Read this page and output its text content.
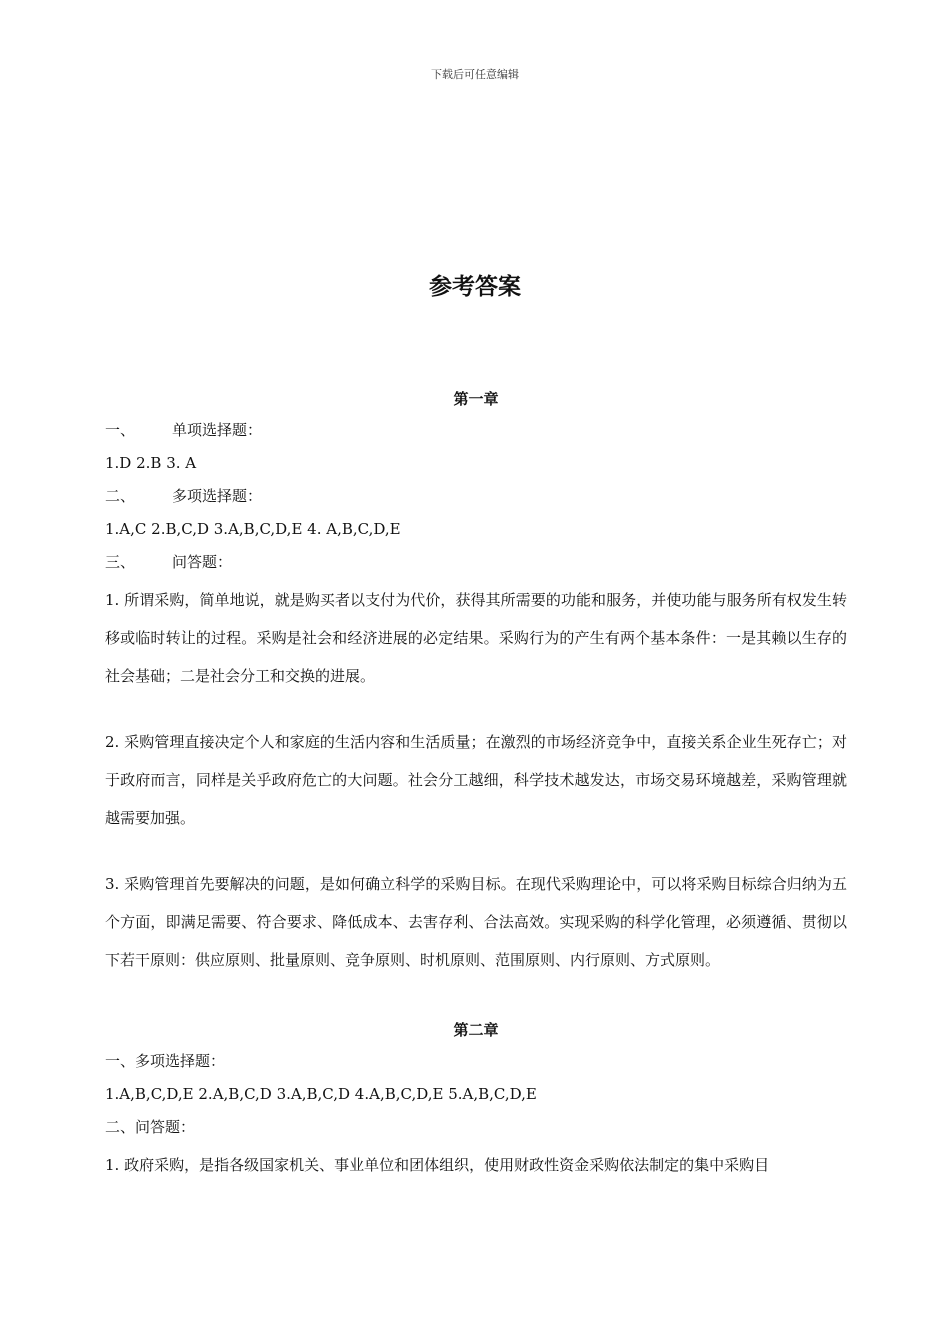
下载后可任意编辑
参考答案
第一章
一、 单项选择题：
1.D 2.B 3. A
二、 多项选择题：
1.A,C 2.B,C,D 3.A,B,C,D,E 4. A,B,C,D,E
三、 问答题：
1. 所谓采购，简单地说，就是购买者以支付为代价，获得其所需要的功能和服务，并使功能与服务所有权发生转移或临时转让的过程。采购是社会和经济进展的必定结果。采购行为的产生有两个基本条件：一是其赖以生存的社会基础；二是社会分工和交换的进展。
2. 采购管理直接决定个人和家庭的生活内容和生活质量；在激烈的市场经济竞争中，直接关系企业生死存亡；对于政府而言，同样是关乎政府危亡的大问题。社会分工越细，科学技术越发达，市场交易环境越差，采购管理就越需要加强。
3. 采购管理首先要解决的问题，是如何确立科学的采购目标。在现代采购理论中，可以将采购目标综合归纳为五个方面，即满足需要、符合要求、降低成本、去害存利、合法高效。实现采购的科学化管理，必须遵循、贯彻以下若干原则：供应原则、批量原则、竞争原则、时机原则、范围原则、内行原则、方式原则。
第二章
一、多项选择题：
1.A,B,C,D,E 2.A,B,C,D 3.A,B,C,D 4.A,B,C,D,E 5.A,B,C,D,E
二、问答题：
1. 政府采购，是指各级国家机关、事业单位和团体组织，使用财政性资金采购依法制定的集中采购目
